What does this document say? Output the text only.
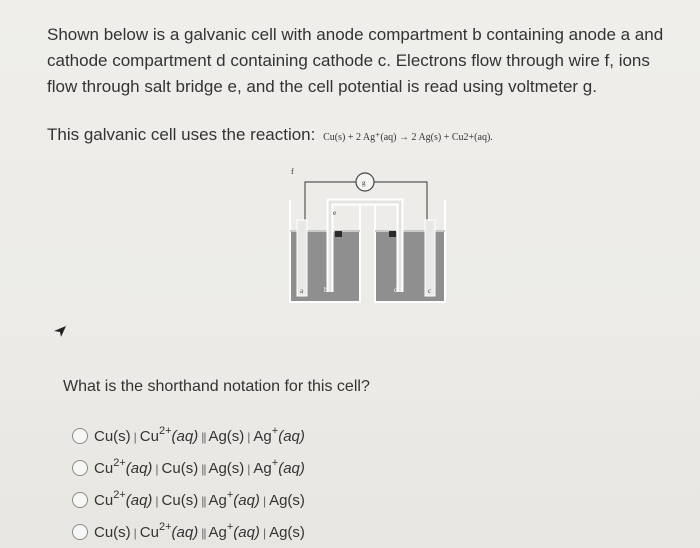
Shown below is a galvanic cell with anode compartment b containing anode a and cathode compartment d containing cathode c. Electrons flow through wire f, ions flow through salt bridge e, and the cell potential is read using voltmeter g.
This galvanic cell uses the reaction: Cu(s) + 2 Ag⁺(aq) → 2 Ag(s) + Cu2+(aq).
f
g
e
a	b	c
d
What is the shorthand notation for this cell?
Cu(s) | $Cu^{2+}(aq)$ || Ag(s) | Ag+(aq)
$Cu^{2+}(aq)$ | Cu(s) || Ag(s) | Ag+(aq)
$Cu^{2+}(aq)$ | Cu(s) || Ag+(aq) | Ag(s)
Cu(s) | $Cu^{2+}(aq)$ || Ag+(aq) | Ag(s)
